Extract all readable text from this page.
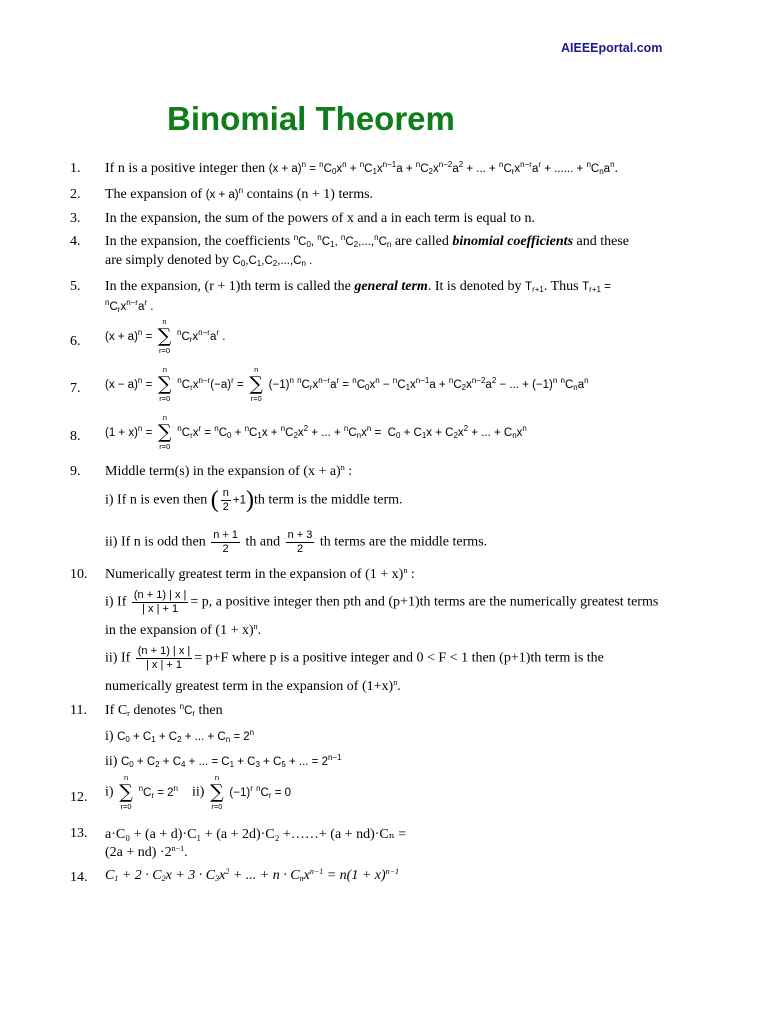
AIEEEportal.com
Binomial Theorem
1. If n is a positive integer then $(x + a)^n = ^nC_0x^n + ^nC_1x^{n-1}a + ^nC_2x^{n-2}a^2$ + ... + $^nC_rx^{n-r}a^r$ + ...... + $^nC_na^n$.
2. The expansion of $(x + a)^n$ contains (n + 1) terms.
3. In the expansion, the sum of the powers of x and a in each term is equal to n.
4. In the expansion, the coefficients $^nC_0$, $^nC_1$, $^nC_2,...,^nC_n$ are called binomial coefficients and these
are simply denoted by $C_0,C_1,C_2,...,C_n$ .
5. In the expansion, (r + 1)th term is called the general term. It is denoted by $T_{r+1}$. Thus $T_{r+1}$ =
$^nC_rx^{n-r}a^r$ .
6. $(x + a)^n$ =
n
∑
r=0
$^nC_rx^{n-r}a^r$ .
7. $(x - a)^n$ =
n
∑
r=0
$^nC_rx^{n-r}(-a)^r$ =
n
∑
r=0
$(-1)^n$ $^nC_rx^{n-r}a^r = ^nC_0x^n - ^nC_1x^{n-1}a + ^nC_2x^{n-2}a^2$ − ... + $(-1)^n$ $^nC_na^n$
8. $(1 + x)^n$ =
n
∑
r=0
$^nC_rx^r = ^nC_0 + ^nC_1x + ^nC_2x^2$ + ... + $^nC_nx^n = C_0 + C_1x + C_2x^2$ + ... + $C_nx^n$
9. Middle term(s) in the expansion of $(x + a)^n$ :
i) If n is even then ( $\frac{n}{2} +1)th$ term is the middle term.
ii) If n is odd then $\frac{n + 1}{2}$ th and $\frac{n + 3}{2}$ th terms are the middle terms.
10. Numerically greatest term in the expansion of $(1 + x)^n$ :
i) If $\frac{(n + 1) | x |}{| x | + 1} = p$, a positive integer then pth and (p+1)th terms are the numerically greatest terms
in the expansion of $(1 + x)^n$.
ii) If $\frac{(n + 1) | x |}{| x | + 1} = p+F$ where p is a positive integer and 0 < F < 1 then (p+1)th term is the
numerically greatest term in the expansion of $(1+x)^n$.
11. If $C_r$ denotes $^nC_r$ then
i) $C_0 + C_1 + C_2$ + ... + $C_n = 2^n$
ii) $C_0 + C_2 + C_4$ + ... = $C_1 + C_3 + C_5$ + ... = $2^{n-1}$
12. i)
n
∑
r=0
$^nC_r = 2^n$ ii)
n
∑
r=0
$(-1)^r$ $^nC_r = 0$
13. a·C₀ + (a + d)·C₁ + (a + 2d)·C₂ +……+ (a + nd)·Cₙ =
$(2a + nd) \cdot 2^{n-1}$.
14. $C_1 + 2 \cdot C_2x + 3 \cdot C_3x^2$ + ... + $n \cdot C_nx^{n-1} = n(1 + x)^{n-1}$
